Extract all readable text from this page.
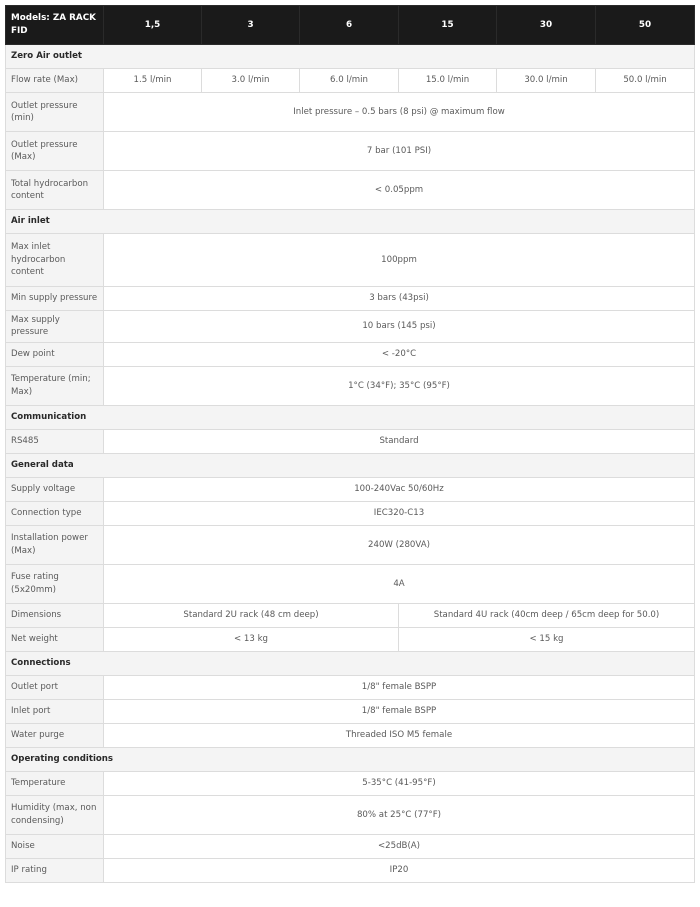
Models: ZA RACK FID	1,5	3	6	15	30	50
Zero Air outlet						
Flow rate (Max)	1.5 l/min	3.0 l/min	6.0 l/min	15.0 l/min	30.0 l/min	50.0 l/min
Outlet pressure (min)	Inlet pressure – 0.5 bars (8 psi) @ maximum flow					
Outlet pressure (Max)	7 bar (101 PSI)					
Total hydrocarbon content	< 0.05ppm					
Air inlet						
Max inlet hydrocarbon content	100ppm					
Min supply pressure	3 bars (43psi)					
Max supply pressure	10 bars (145 psi)					
Dew point	< -20°C					
Temperature (min; Max)	1°C (34°F); 35°C (95°F)					
Communication						
RS485	Standard					
General data						
Supply voltage	100-240Vac 50/60Hz					
Connection type	IEC320-C13					
Installation power (Max)	240W (280VA)					
Fuse rating (5x20mm)	4A					
Dimensions	Standard 2U rack (48 cm deep)			Standard 4U rack (40cm deep / 65cm deep for 50.0)		
Net weight	< 13 kg			< 15 kg		
Connections						
Outlet port	1/8" female BSPP					
Inlet port	1/8" female BSPP					
Water purge	Threaded ISO M5 female					
Operating conditions						
Temperature	5-35°C (41-95°F)					
Humidity (max, non condensing)	80% at 25°C (77°F)					
Noise	<25dB(A)					
IP rating	IP20					
